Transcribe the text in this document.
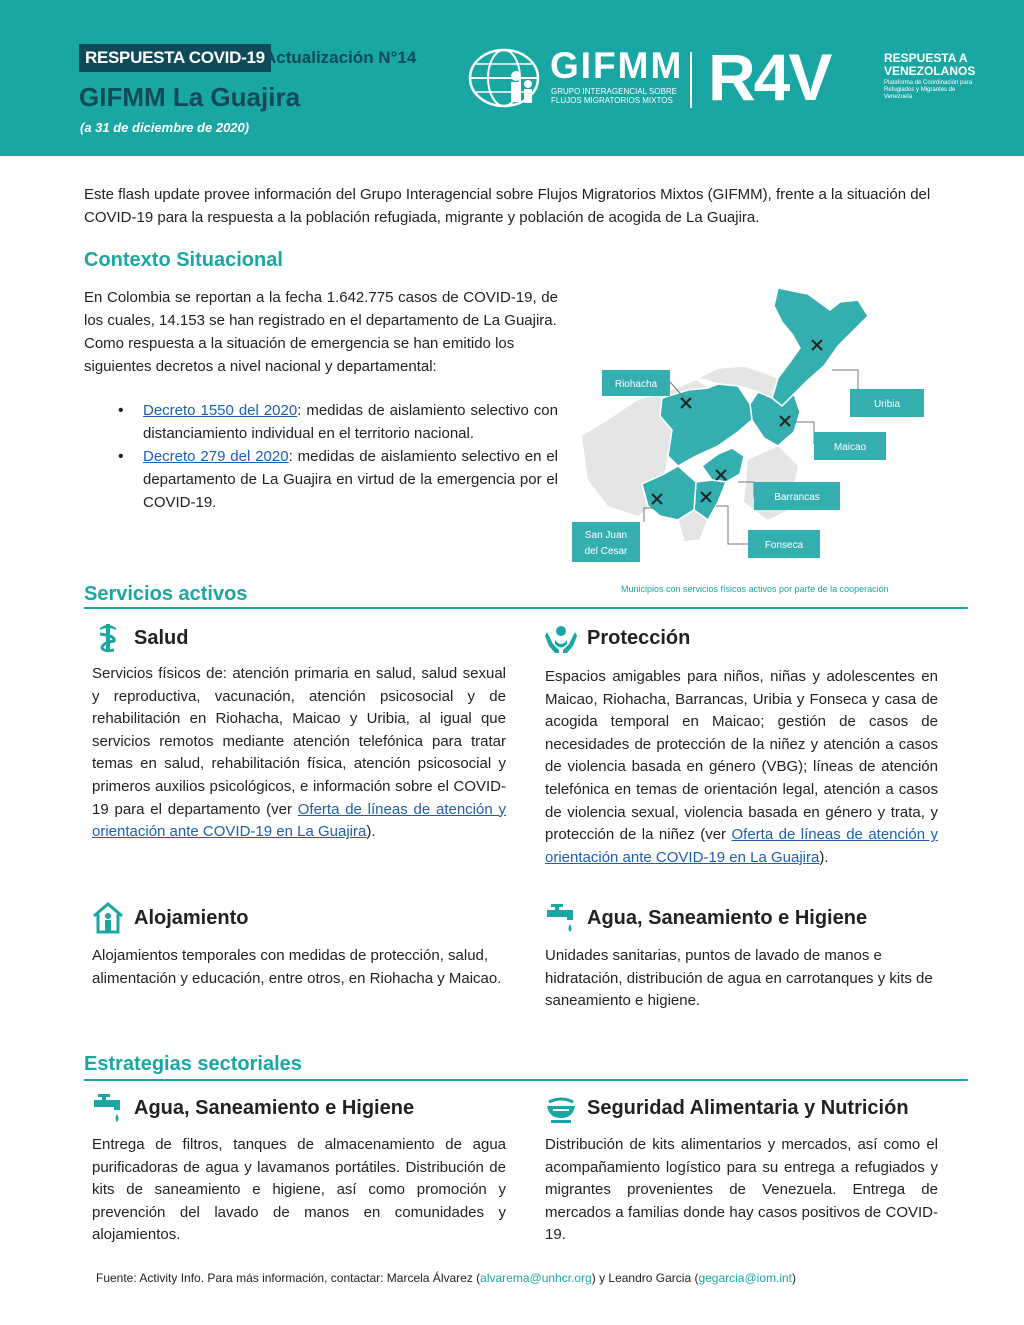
RESPUESTA COVID-19 Actualización N°14
GIFMM La Guajira
(a 31 de diciembre de 2020)
GIFMM
GRUPO INTERAGENCIAL SOBRE FLUJOS MIGRATORIOS MIXTOS R4V	RESPUESTA A VENEZOLANOS
Plataforma de Coordinación para Refugiados y Migrantes de Venezuela

Este flash update provee información del Grupo Interagencial sobre Flujos Migratorios Mixtos (GIFMM), frente a la situación del COVID-19 para la respuesta a la población refugiada, migrante y población de acogida de La Guajira.

Contexto Situacional

En Colombia se reportan a la fecha 1.642.775 casos de COVID-19, de los cuales, 14.153 se han registrado en el departamento de La Guajira.

Como respuesta a la situación de emergencia se han emitido los siguientes decretos a nivel nacional y departamental:

• Decreto 1550 del 2020: medidas de aislamiento selectivo con distanciamiento individual en el territorio nacional.
• Decreto 279 del 2020: medidas de aislamiento selectivo en el departamento de La Guajira en virtud de la emergencia por el COVID-19.
Riohacha
Uribia
Maicao
Barrancas
Fonseca
San Juan
del Cesar
Municipios con servicios físicos activos por parte de la cooperación
Servicios activos
Salud

Servicios físicos de: atención primaria en salud, salud sexual y reproductiva, vacunación, atención psicosocial y de rehabilitación en Riohacha, Maicao y Uribia, al igual que servicios remotos mediante atención telefónica para tratar temas en salud, rehabilitación física, atención psicosocial y primeros auxilios psicológicos, e información sobre el COVID-19 para el departamento (ver Oferta de líneas de atención y orientación ante COVID-19 en La Guajira).

Protección

Espacios amigables para niños, niñas y adolescentes en Maicao, Riohacha, Barrancas, Uribia y Fonseca y casa de acogida temporal en Maicao; gestión de casos de necesidades de protección de la niñez y atención a casos de violencia basada en género (VBG); líneas de atención telefónica en temas de orientación legal, atención a casos de violencia sexual, violencia basada en género y trata, y protección de la niñez (ver Oferta de líneas de atención y orientación ante COVID-19 en La Guajira).

Alojamiento

Alojamientos temporales con medidas de protección, salud, alimentación y educación, entre otros, en Riohacha y Maicao.

Agua, Saneamiento e Higiene

Unidades sanitarias, puntos de lavado de manos e hidratación, distribución de agua en carrotanques y kits de saneamiento e higiene.

Estrategias sectoriales
Agua, Saneamiento e Higiene

Entrega de filtros, tanques de almacenamiento de agua purificadoras de agua y lavamanos portátiles. Distribución de kits de saneamiento e higiene, así como promoción y prevención del lavado de manos en comunidades y alojamientos.

Seguridad Alimentaria y Nutrición

Distribución de kits alimentarios y mercados, así como el acompañamiento logístico para su entrega a refugiados y migrantes provenientes de Venezuela. Entrega de mercados a familias donde hay casos positivos de COVID-19.

Fuente: Activity Info. Para más información, contactar: Marcela Álvarez (alvarema@unhcr.org) y Leandro Garcia (gegarcia@iom.int)
